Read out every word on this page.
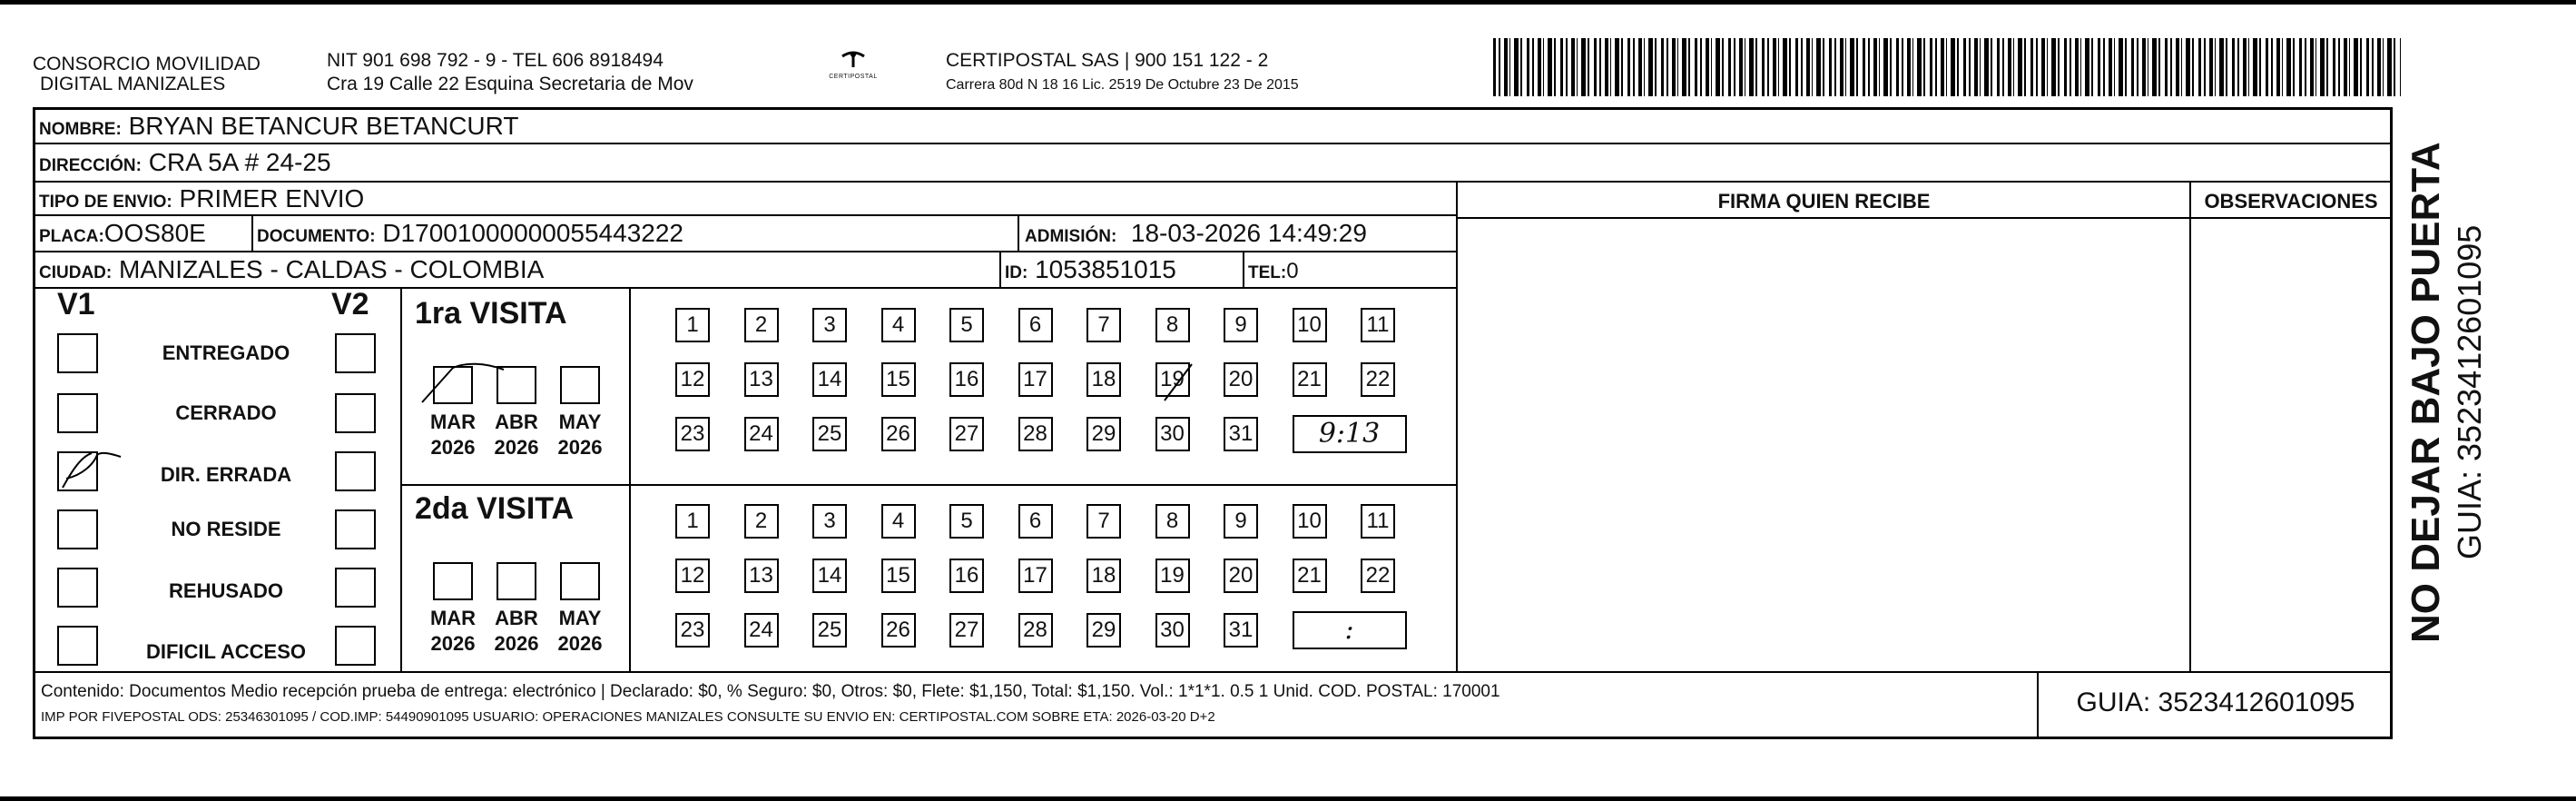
CONSORCIO MOVILIDAD
DIGITAL MANIZALES
NIT 901 698 792 - 9 - TEL 606 8918494
Cra 19 Calle 22 Esquina Secretaria de Mov	CERTIPOSTAL
CERTIPOSTAL SAS | 900 151 122 - 2
Carrera 80d N 18 16 Lic. 2519 De Octubre 23 De 2015
NOMBRE: BRYAN BETANCUR BETANCURT
DIRECCIÓN: CRA 5A # 24-25
TIPO DE ENVIO: PRIMER ENVIO
PLACA:OOS80E	DOCUMENTO: D17001000000055443222	ADMISIÓN: 18-03-2026 14:49:29
CIUDAD: MANIZALES - CALDAS - COLOMBIA	ID: 1053851015	TEL:0
FIRMA QUIEN RECIBE	OBSERVACIONES
V1	V2
ENTREGADO
CERRADO
DIR. ERRADA
NO RESIDE
REHUSADO
DIFICIL ACCESO
1ra VISITA
2da VISITA
MAR
2026
ABR
2026
MAY
2026
MAR
2026
ABR
2026
MAY
2026
1	2	3	4	5	6	7	8	9	10 11
12 13 14 15 16 17 18 19 20 21 22
23 24 25 26 27 28 29 30 31	9:13
1	2	3	4	5	6	7	8	9	10 11
12 13 14 15 16 17 18 19 20 21 22
23 24 25 26 27 28 29 30 31	:
Contenido: Documentos Medio recepción prueba de entrega: electrónico | Declarado: $0, % Seguro: $0, Otros: $0, Flete: $1,150, Total: $1,150. Vol.: 1*1*1. 0.5 1 Unid. COD. POSTAL: 170001
IMP POR FIVEPOSTAL ODS: 25346301095 / COD.IMP: 54490901095 USUARIO: OPERACIONES MANIZALES CONSULTE SU ENVIO EN: CERTIPOSTAL.COM SOBRE ETA: 2026-03-20 D+2	GUIA: 3523412601095
NO DEJAR BAJO PUERTA GUIA: 3523412601095
